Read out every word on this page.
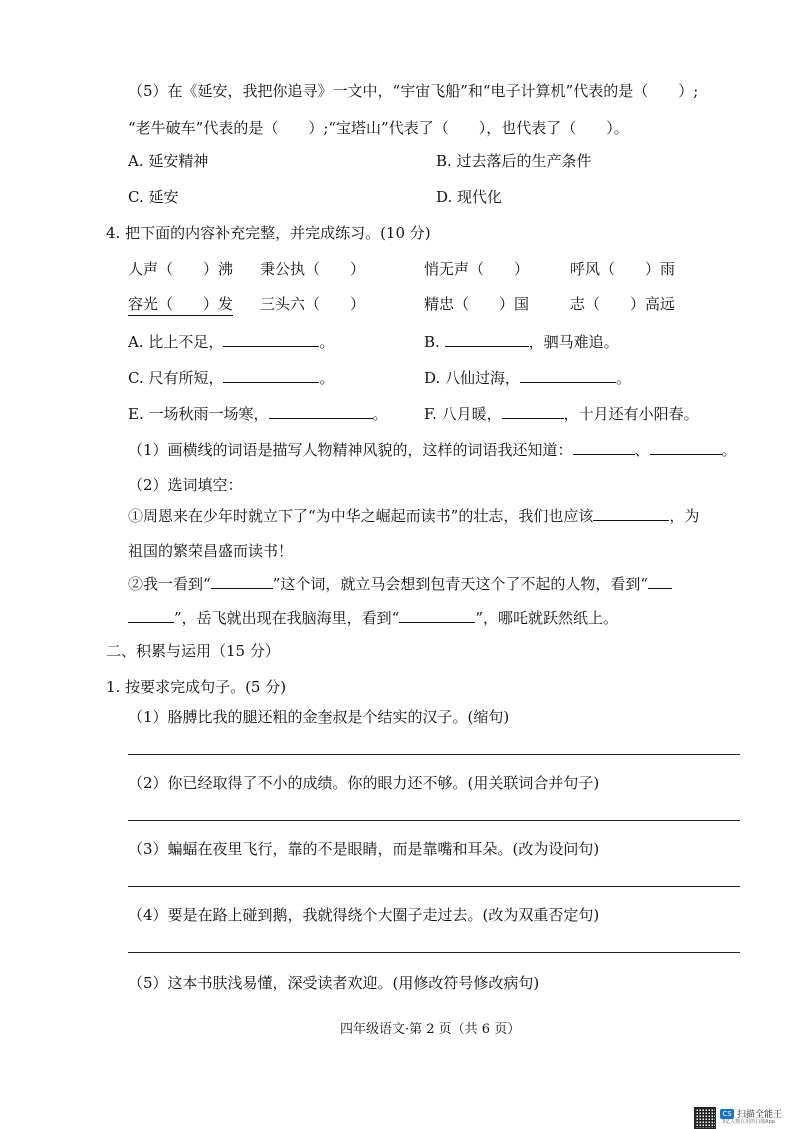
（5）在《延安，我把你追寻》一文中，“宇宙飞船”和“电子计算机”代表的是（　　）;
“老牛破车”代表的是（　　）;“宝塔山”代表了（　　），也代表了（　　）。
A. 延安精神	B. 过去落后的生产条件
C. 延安	D. 现代化
4. 把下面的内容补充完整，并完成练习。(10 分)
人声（　　）沸 秉公执（　　）	悄无声（　　）	呼风（　　）雨
容光（　　）发 三头六（　　）	精忠（　　）国	志（　　）高远
A. 比上不足，	。	B.	，驷马难追。
C. 尺有所短，	。	D. 八仙过海，	。
E. 一场秋雨一场寒，	。 F. 八月暖，	，十月还有小阳春。
（1）画横线的词语是描写人物精神风貌的，这样的词语我还知道：	、	。
（2）选词填空：
①周恩来在少年时就立下了“为中华之崛起而读书”的壮志，我们也应该	，为
祖国的繁荣昌盛而读书！
②我一看到“	”这个词，就立马会想到包青天这个了不起的人物，看到“
”，岳飞就出现在我脑海里，看到“	”，哪吒就跃然纸上。
二、积累与运用（15 分）
1. 按要求完成句子。(5 分)
（1）胳膊比我的腿还粗的金奎叔是个结实的汉子。(缩句)
（2）你已经取得了不小的成绩。你的眼力还不够。(用关联词合并句子)
（3）蝙蝠在夜里飞行，靠的不是眼睛，而是靠嘴和耳朵。(改为设问句)
（4）要是在路上碰到鹅，我就得绕个大圈子走过去。(改为双重否定句)
（5）这本书肤浅易懂，深受读者欢迎。(用修改符号修改病句)
四年级语文·第 2 页（共 6 页）
CS 扫描全能王
3亿人都在用的扫描App
